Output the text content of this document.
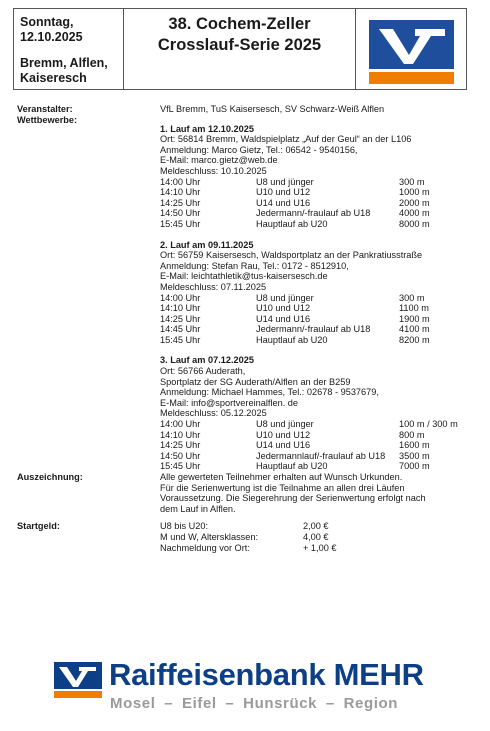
Sonntag,
12.10.2025
Bremm, Alflen,
Kaiseresch
38. Cochem-Zeller
Crosslauf-Serie 2025
Veranstalter:	VfL Bremm, TuS Kaisersesch, SV Schwarz-Weiß Alflen
Wettbewerbe:
1. Lauf am 12.10.2025
Ort: 56814 Bremm, Waldspielplatz „Auf der Geul“ an der L106
Anmeldung: Marco Gietz, Tel.: 06542 - 9540156,
E-Mail: marco.gietz@web.de
Meldeschluss: 10.10.2025
14:00 Uhr	U8 und jünger	300 m
14:10 Uhr	U10 und U12	1000 m
14:25 Uhr	U14 und U16	2000 m
14:50 Uhr	Jedermann/-fraulauf ab U18	4000 m
15:45 Uhr	Hauptlauf ab U20	8000 m
2. Lauf am 09.11.2025
Ort: 56759 Kaisersesch, Waldsportplatz an der Pankratiusstraße
Anmeldung: Stefan Rau, Tel.: 0172 - 8512910,
E-Mail: leichtathletik@tus-kaisersesch.de
Meldeschluss: 07.11.2025
14:00 Uhr	U8 und jünger	300 m
14:10 Uhr	U10 und U12	1100 m
14:25 Uhr	U14 und U16	1900 m
14:45 Uhr	Jedermann/-fraulauf ab U18	4100 m
15:45 Uhr	Hauptlauf ab U20	8200 m
3. Lauf am 07.12.2025
Ort: 56766 Auderath,
Sportplatz der SG Auderath/Alflen an der B259
Anmeldung: Michael Hammes, Tel.: 02678 - 9537679,
E-Mail: info@sportvereinalflen. de
Meldeschluss: 05.12.2025
14:00 Uhr	U8 und jünger	100 m / 300 m
14:10 Uhr	U10 und U12	800 m
14:25 Uhr	U14 und U16	1600 m
14:50 Uhr	Jedermannlauf/-fraulauf ab U18	3500 m
15:45 Uhr	Hauptlauf ab U20	7000 m
Auszeichnung:	Alle gewerteten Teilnehmer erhalten auf Wunsch Urkunden.
Für die Serienwertung ist die Teilnahme an allen drei Läufen
Voraussetzung. Die Siegerehrung der Serienwertung erfolgt nach
dem Lauf in Alflen.
Startgeld:	U8 bis U20:	2,00 €
M und W, Altersklassen:	4,00 €
Nachmeldung vor Ort:	+ 1,00 €
Raiffeisenbank MEHR
Mosel – Eifel – Hunsrück – Region
